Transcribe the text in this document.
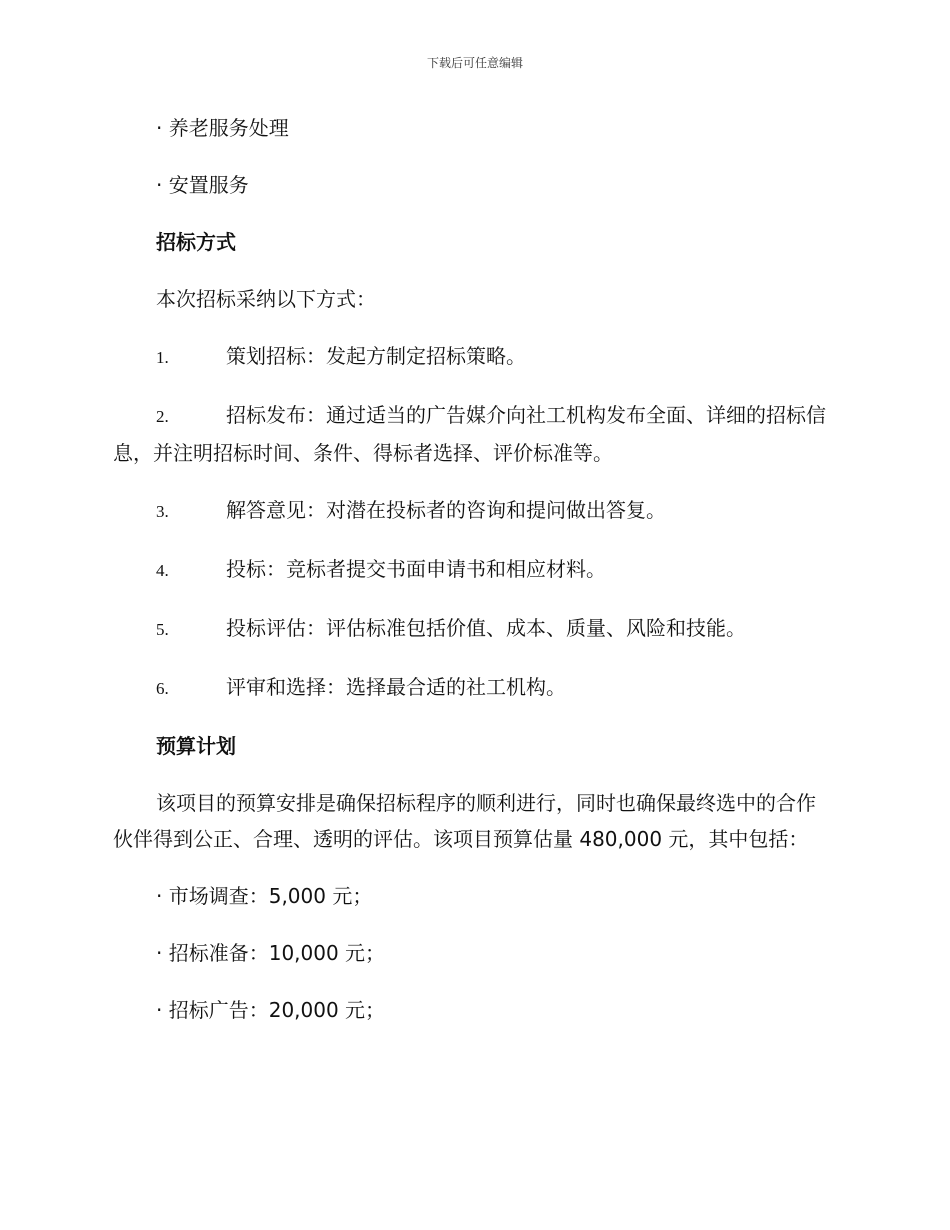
下载后可任意编辑
· 养老服务处理
· 安置服务
招标方式
本次招标采纳以下方式：
1.	策划招标：发起方制定招标策略。
2.	招标发布：通过适当的广告媒介向社工机构发布全面、详细的招标信息，并注明招标时间、条件、得标者选择、评价标准等。
3.	解答意见：对潜在投标者的咨询和提问做出答复。
4.	投标：竞标者提交书面申请书和相应材料。
5.	投标评估：评估标准包括价值、成本、质量、风险和技能。
6.	评审和选择：选择最合适的社工机构。
预算计划
该项目的预算安排是确保招标程序的顺利进行，同时也确保最终选中的合作伙伴得到公正、合理、透明的评估。该项目预算估量 480,000 元，其中包括：
· 市场调查：5,000 元；
· 招标准备：10,000 元；
· 招标广告：20,000 元；
